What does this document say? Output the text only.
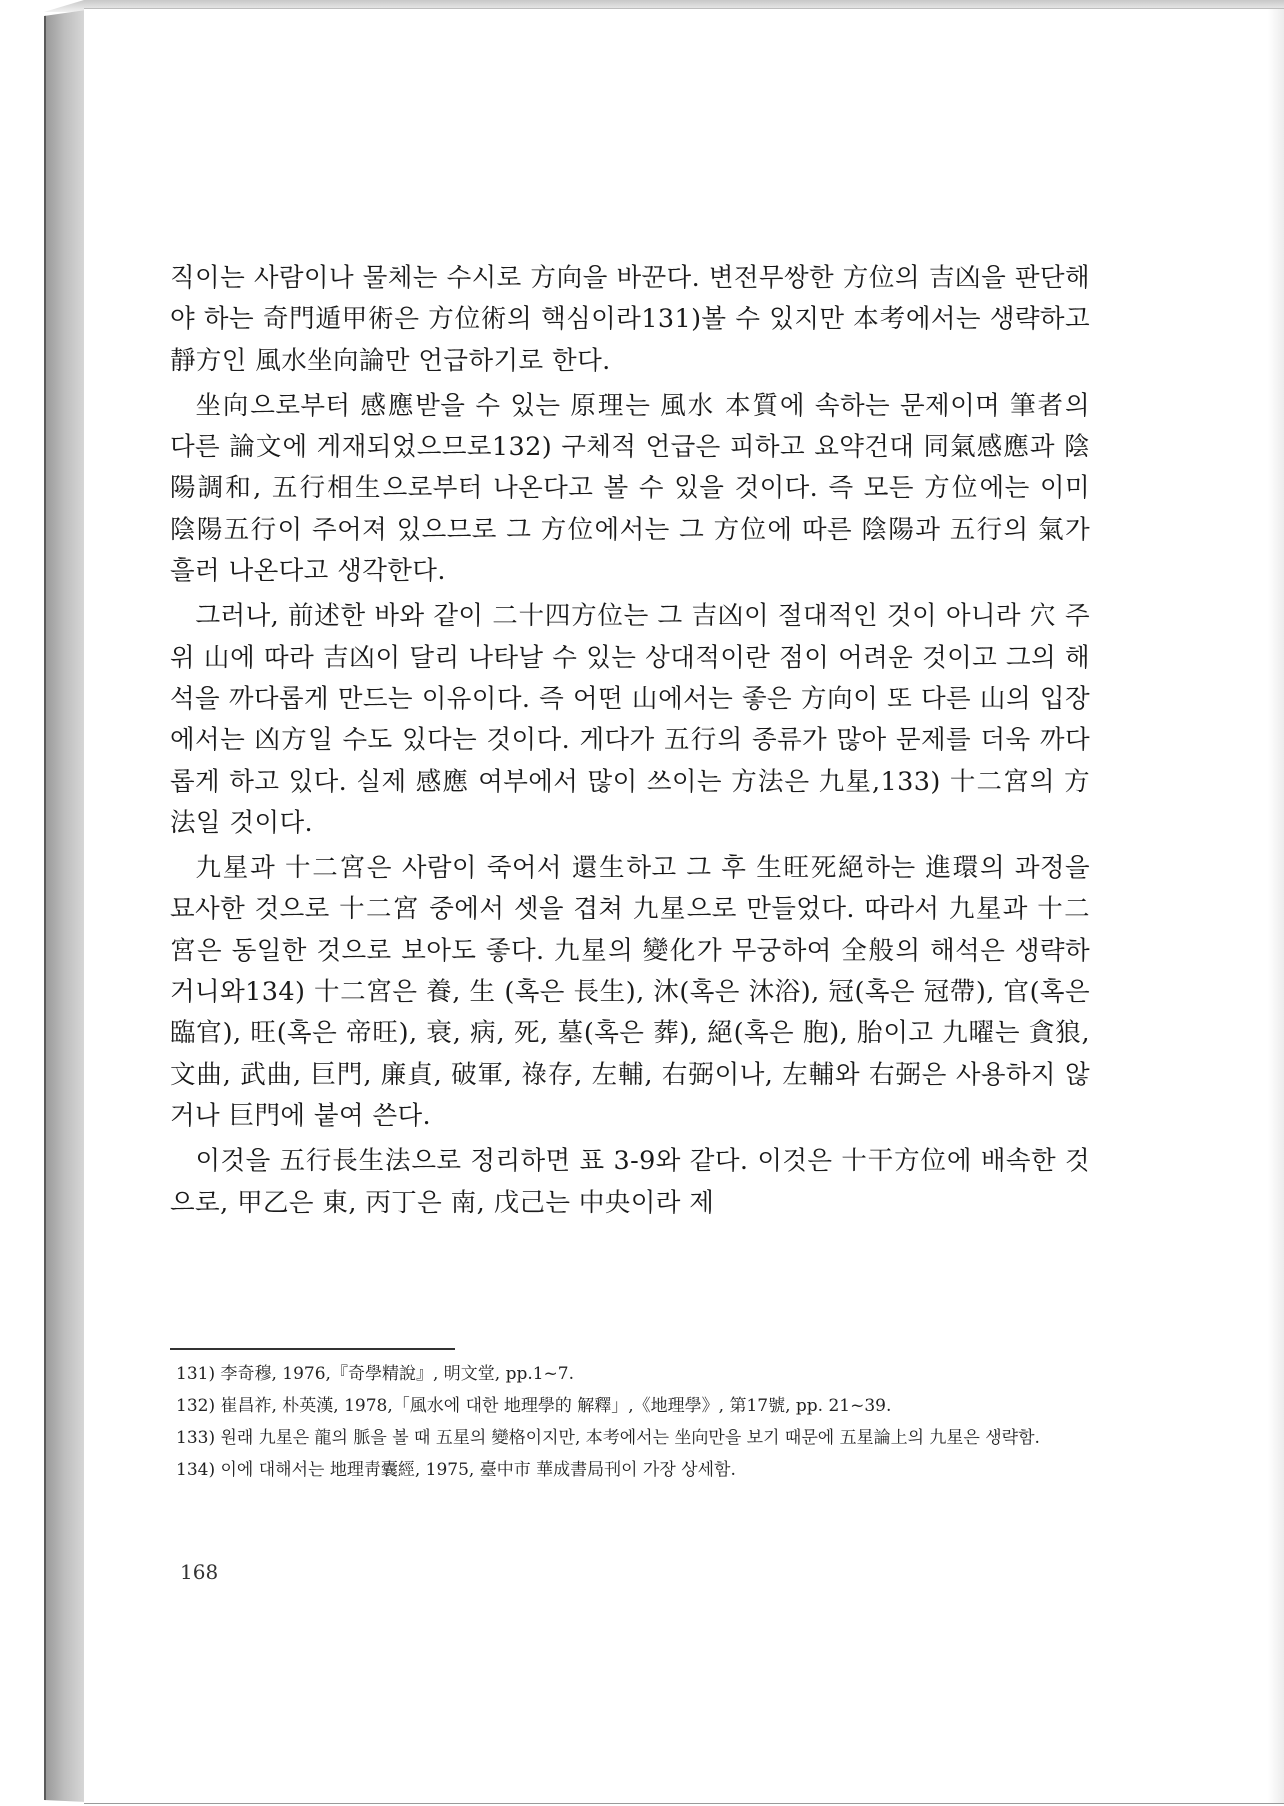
직이는 사람이나 물체는 수시로 方向을 바꾼다. 변전무쌍한 方位의 吉凶을 판단해야 하는 奇門遁甲術은 方位術의 핵심이라131)볼 수 있지만 本考에서는 생략하고 靜方인 風水坐向論만 언급하기로 한다.

坐向으로부터 感應받을 수 있는 原理는 風水 本質에 속하는 문제이며 筆者의 다른 論文에 게재되었으므로132) 구체적 언급은 피하고 요약건대 同氣感應과 陰陽調和, 五行相生으로부터 나온다고 볼 수 있을 것이다. 즉 모든 方位에는 이미 陰陽五行이 주어져 있으므로 그 方位에서는 그 方位에 따른 陰陽과 五行의 氣가 흘러 나온다고 생각한다.

그러나, 前述한 바와 같이 二十四方位는 그 吉凶이 절대적인 것이 아니라 穴 주위 山에 따라 吉凶이 달리 나타날 수 있는 상대적이란 점이 어려운 것이고 그의 해석을 까다롭게 만드는 이유이다. 즉 어떤 山에서는 좋은 方向이 또 다른 山의 입장에서는 凶方일 수도 있다는 것이다. 게다가 五行의 종류가 많아 문제를 더욱 까다롭게 하고 있다. 실제 感應 여부에서 많이 쓰이는 方法은 九星,133) 十二宮의 方法일 것이다.

九星과 十二宮은 사람이 죽어서 還生하고 그 후 生旺死絕하는 進環의 과정을 묘사한 것으로 十二宮 중에서 셋을 겹쳐 九星으로 만들었다. 따라서 九星과 十二宮은 동일한 것으로 보아도 좋다. 九星의 變化가 무궁하여 全般의 해석은 생략하거니와134) 十二宮은 養, 生 (혹은 長生), 沐(혹은 沐浴), 冠(혹은 冠帶), 官(혹은 臨官), 旺(혹은 帝旺), 衰, 病, 死, 墓(혹은 葬), 絕(혹은 胞), 胎이고 九曜는 貪狼, 文曲, 武曲, 巨門, 廉貞, 破軍, 祿存, 左輔, 右弼이나, 左輔와 右弼은 사용하지 않거나 巨門에 붙여 쓴다.

이것을 五行長生法으로 정리하면 표 3-9와 같다. 이것은 十干方位에 배속한 것으로, 甲乙은 東, 丙丁은 南, 戊己는 中央이라 제

131) 李奇穆, 1976,『奇學精說』, 明文堂, pp.1~7.

132) 崔昌祚, 朴英漢, 1978,「風水에 대한 地理學的 解釋」,《地理學》, 第17號, pp. 21~39.

133) 원래 九星은 龍의 脈을 볼 때 五星의 變格이지만, 本考에서는 坐向만을 보기 때문에 五星論上의 九星은 생략함.

134) 이에 대해서는 地理靑囊經, 1975, 臺中市 華成書局刊이 가장 상세함.

168
